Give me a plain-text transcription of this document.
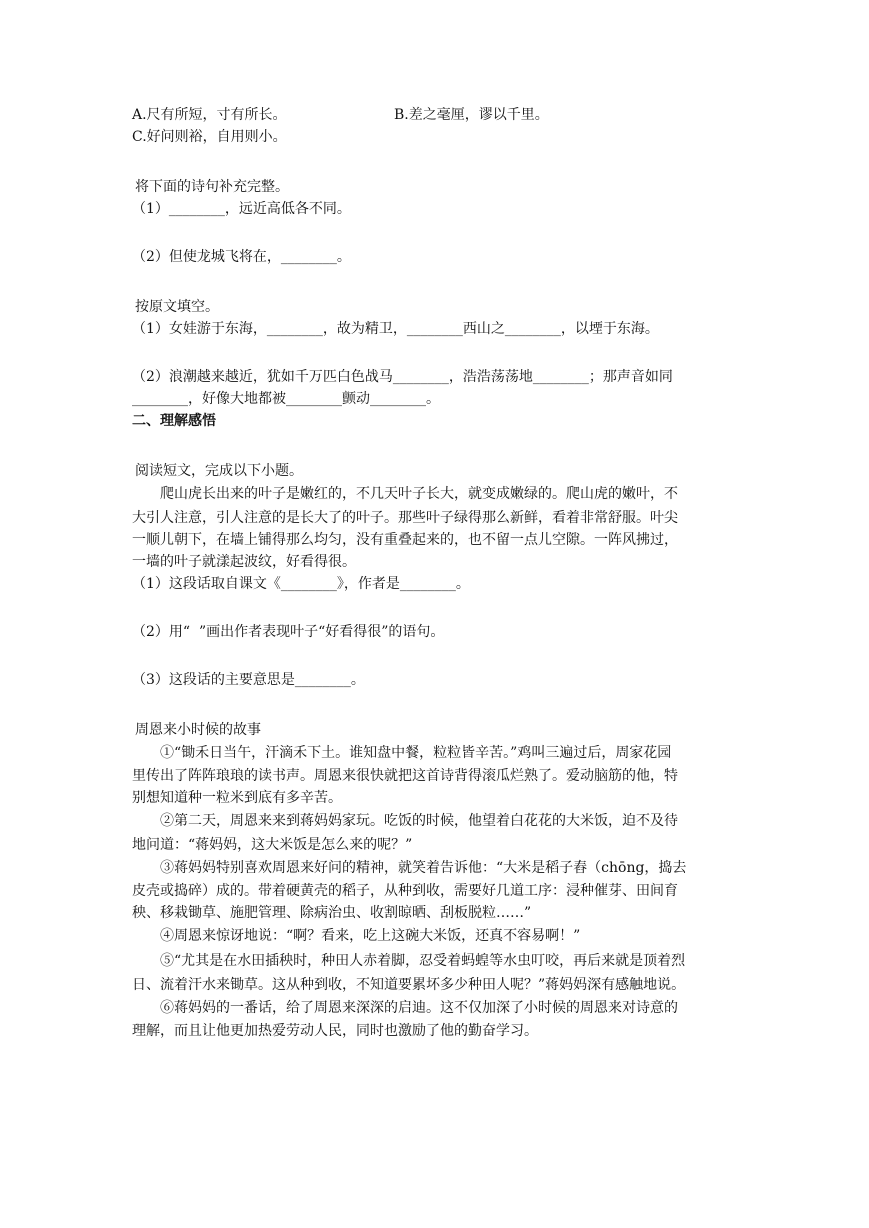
A.尺有所短，寸有所长。	B.差之毫厘，谬以千里。
C.好问则裕，自用则小。
将下面的诗句补充完整。
（1）________，远近高低各不同。
（2）但使龙城飞将在，________。
按原文填空。
（1）女娃游于东海，________，故为精卫，________西山之________，以堙于东海。
（2）浪潮越来越近，犹如千万匹白色战马________，浩浩荡荡地________；那声音如同
________，好像大地都被________颤动________。
二、理解感悟
阅读短文，完成以下小题。
爬山虎长出来的叶子是嫩红的，不几天叶子长大，就变成嫩绿的。爬山虎的嫩叶，不
大引人注意，引人注意的是长大了的叶子。那些叶子绿得那么新鲜，看着非常舒服。叶尖
一顺儿朝下，在墙上铺得那么均匀，没有重叠起来的，也不留一点儿空隙。一阵风拂过，
一墙的叶子就漾起波纹，好看得很。
（1）这段话取自课文《________》，作者是________。
（2）用“  ”画出作者表现叶子“好看得很”的语句。
（3）这段话的主要意思是________。
周恩来小时候的故事
①“锄禾日当午，汗滴禾下土。谁知盘中餐，粒粒皆辛苦。”鸡叫三遍过后，周家花园
里传出了阵阵琅琅的读书声。周恩来很快就把这首诗背得滚瓜烂熟了。爱动脑筋的他，特
别想知道种一粒米到底有多辛苦。
②第二天，周恩来来到蒋妈妈家玩。吃饭的时候，他望着白花花的大米饭，迫不及待
地问道：“蒋妈妈，这大米饭是怎么来的呢？”
③蒋妈妈特别喜欢周恩来好问的精神，就笑着告诉他：“大米是稻子舂（chōng，捣去
皮壳或捣碎）成的。带着硬黄壳的稻子，从种到收，需要好几道工序：浸种催芽、田间育
秧、移栽锄草、施肥管理、除病治虫、收割晾晒、刮板脱粒……”
④周恩来惊讶地说：“啊？看来，吃上这碗大米饭，还真不容易啊！”
⑤“尤其是在水田插秧时，种田人赤着脚，忍受着蚂蝗等水虫叮咬，再后来就是顶着烈
日、流着汗水来锄草。这从种到收，不知道要累坏多少种田人呢？”蒋妈妈深有感触地说。
⑥蒋妈妈的一番话，给了周恩来深深的启迪。这不仅加深了小时候的周恩来对诗意的
理解，而且让他更加热爱劳动人民，同时也激励了他的勤奋学习。
